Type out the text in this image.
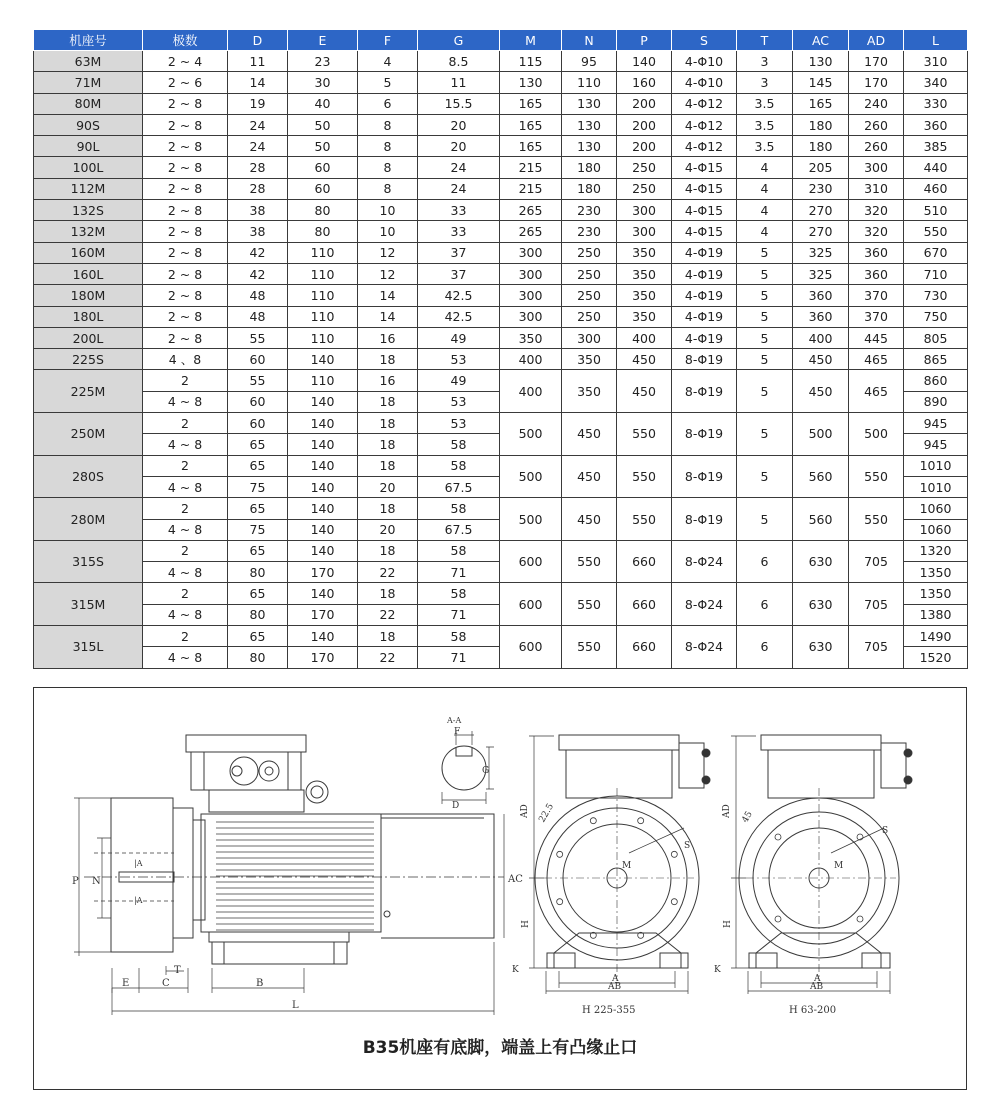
机座号	极数	D	E	F	G	M	N	P	S	T	AC	AD	L
63M	2 ~ 4	11	23	4	8.5	115	95	140	4-Φ10	3	130	170	310
71M	2 ~ 6	14	30	5	11	130	110	160	4-Φ10	3	145	170	340
80M	2 ~ 8	19	40	6	15.5	165	130	200	4-Φ12	3.5	165	240	330
90S	2 ~ 8	24	50	8	20	165	130	200	4-Φ12	3.5	180	260	360
90L	2 ~ 8	24	50	8	20	165	130	200	4-Φ12	3.5	180	260	385
100L	2 ~ 8	28	60	8	24	215	180	250	4-Φ15	4	205	300	440
112M	2 ~ 8	28	60	8	24	215	180	250	4-Φ15	4	230	310	460
132S	2 ~ 8	38	80	10	33	265	230	300	4-Φ15	4	270	320	510
132M	2 ~ 8	38	80	10	33	265	230	300	4-Φ15	4	270	320	550
160M	2 ~ 8	42	110	12	37	300	250	350	4-Φ19	5	325	360	670
160L	2 ~ 8	42	110	12	37	300	250	350	4-Φ19	5	325	360	710
180M	2 ~ 8	48	110	14	42.5	300	250	350	4-Φ19	5	360	370	730
180L	2 ~ 8	48	110	14	42.5	300	250	350	4-Φ19	5	360	370	750
200L	2 ~ 8	55	110	16	49	350	300	400	4-Φ19	5	400	445	805
225S	4 、8	60	140	18	53	400	350	450	8-Φ19	5	450	465	865
225M	2	55	110	16	49	400	350	450	8-Φ19	5	450	465	860
	4 ~ 8	60	140	18	53								890
250M	2	60	140	18	53	500	450	550	8-Φ19	5	500	500	945
	4 ~ 8	65	140	18	58								945
280S	2	65	140	18	58	500	450	550	8-Φ19	5	560	550	1010
	4 ~ 8	75	140	20	67.5								1010
280M	2	65	140	18	58	500	450	550	8-Φ19	5	560	550	1060
	4 ~ 8	75	140	20	67.5								1060
315S	2	65	140	18	58	600	550	660	8-Φ24	6	630	705	1320
	4 ~ 8	80	170	22	71								1350
315M	2	65	140	18	58	600	550	660	8-Φ24	6	630	705	1350
	4 ~ 8	80	170	22	71								1380
315L	2	65	140	18	58	600	550	660	8-Φ24	6	630	705	1490
	4 ~ 8	80	170	22	71								1520
P N
|A
|A
AC
T
E	C	B
L
A-A
F
G
D	AD
H
K
A
AB
M
S
22.5
H 225-355
AD
H
K
A
AB
M
S
45
H 63-200
B35机座有底脚，端盖上有凸缘止口
